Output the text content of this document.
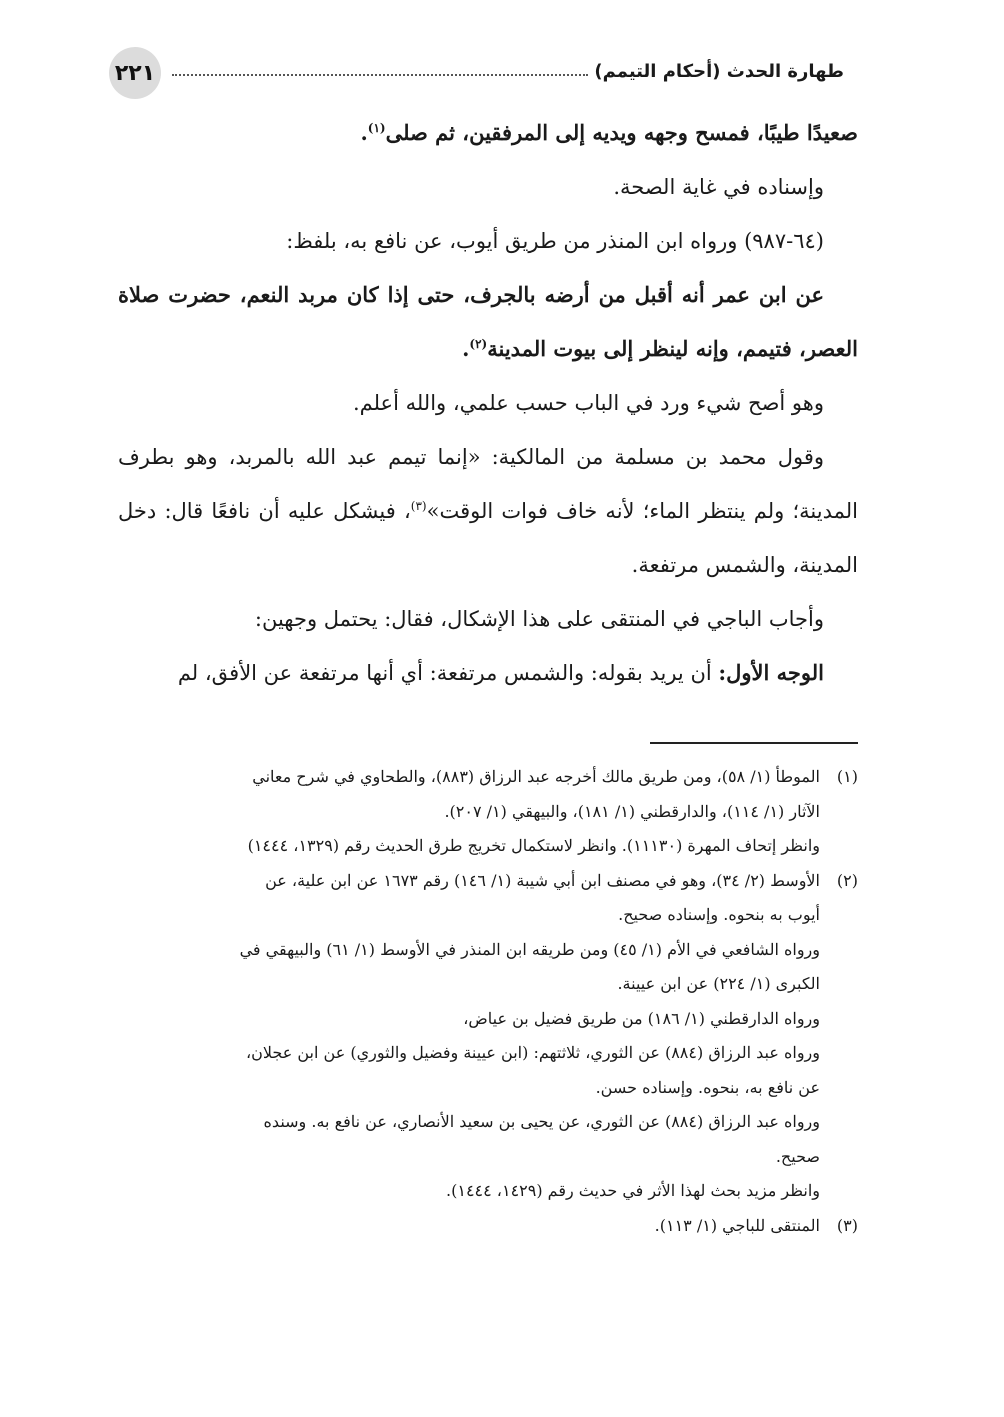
٢٢١	طهارة الحدث (أحكام التيمم)

صعيدًا طيبًا، فمسح وجهه ويديه إلى المرفقين، ثم صلى$^{(١)}$.

وإسناده في غاية الصحة.

(٦٤-٩٨٧) ورواه ابن المنذر من طريق أيوب، عن نافع به، بلفظ:

عن ابن عمر أنه أقبل من أرضه بالجرف، حتى إذا كان مربد النعم، حضرت صلاة العصر، فتيمم، وإنه لينظر إلى بيوت المدينة$^{(٢)}$.

وهو أصح شيء ورد في الباب حسب علمي، والله أعلم.

وقول محمد بن مسلمة من المالكية: «إنما تيمم عبد الله بالمربد، وهو بطرف المدينة؛ ولم ينتظر الماء؛ لأنه خاف فوات الوقت»$^{(٣)}$، فيشكل عليه أن نافعًا قال: دخل المدينة، والشمس مرتفعة.

وأجاب الباجي في المنتقى على هذا الإشكال، فقال: يحتمل وجهين:

الوجه الأول: أن يريد بقوله: والشمس مرتفعة: أي أنها مرتفعة عن الأفق، لم

(١)الموطأ (١/ ٥٨)، ومن طريق مالك أخرجه عبد الرزاق (٨٨٣)، والطحاوي في شرح معاني

الآثار (١/ ١١٤)، والدارقطني (١/ ١٨١)، والبيهقي (١/ ٢٠٧).

وانظر إتحاف المهرة (١١١٣٠). وانظر لاستكمال تخريج طرق الحديث رقم (١٣٢٩، ١٤٤٤)

(٢)الأوسط (٢/ ٣٤)، وهو في مصنف ابن أبي شيبة (١/ ١٤٦) رقم ١٦٧٣ عن ابن علية، عن

أيوب به بنحوه. وإسناده صحيح.

ورواه الشافعي في الأم (١/ ٤٥) ومن طريقه ابن المنذر في الأوسط (١/ ٦١) والبيهقي في

الكبرى (١/ ٢٢٤) عن ابن عيينة.

ورواه الدارقطني (١/ ١٨٦) من طريق فضيل بن عياض،

ورواه عبد الرزاق (٨٨٤) عن الثوري، ثلاثتهم: (ابن عيينة وفضيل والثوري) عن ابن عجلان،

عن نافع به، بنحوه. وإسناده حسن.

ورواه عبد الرزاق (٨٨٤) عن الثوري، عن يحيى بن سعيد الأنصاري، عن نافع به. وسنده

صحيح.

وانظر مزيد بحث لهذا الأثر في حديث رقم (١٤٢٩، ١٤٤٤).

(٣)المنتقى للباجي (١/ ١١٣).
